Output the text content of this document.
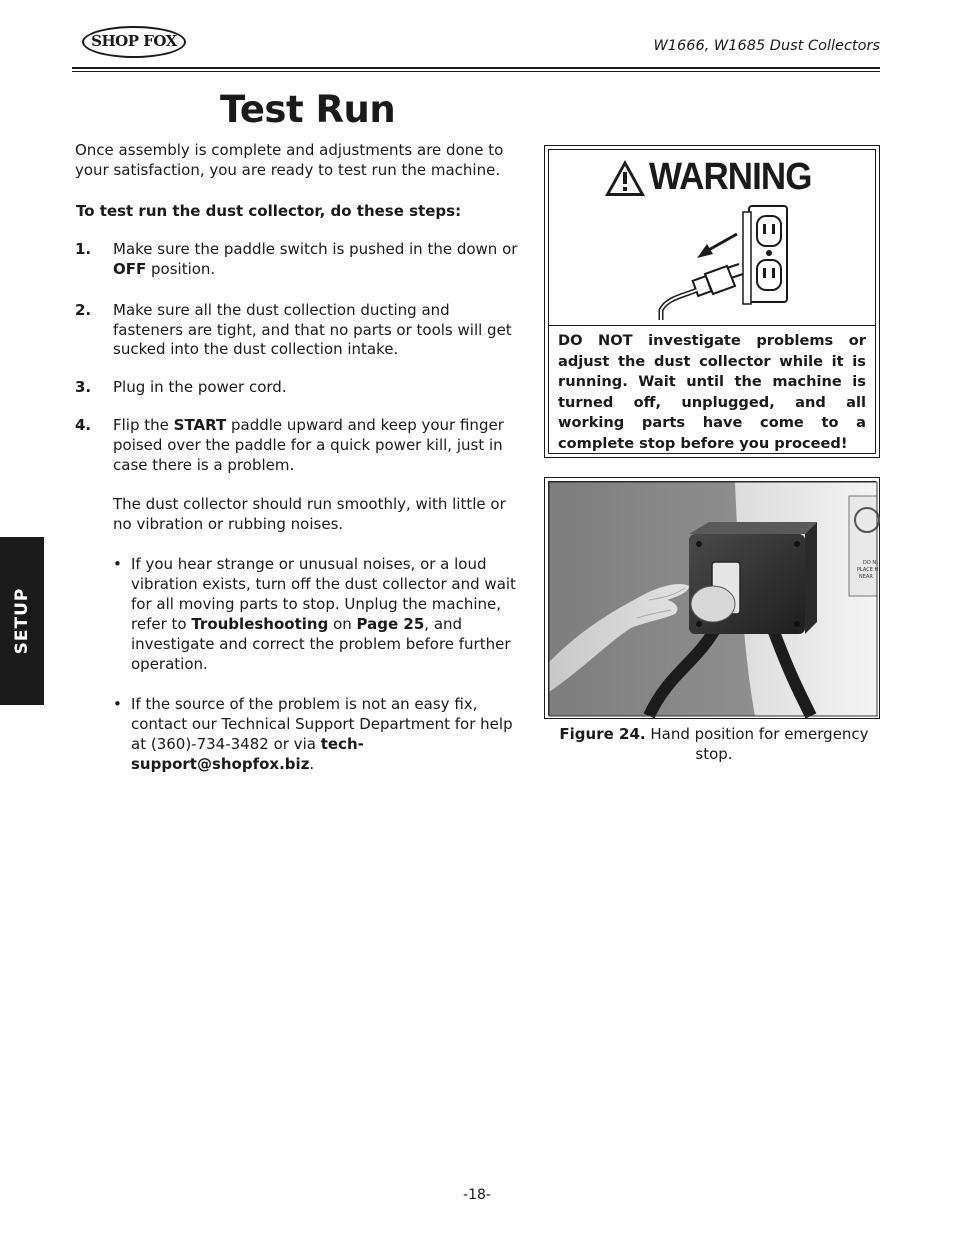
SHOP FOX	W1666, W1685 Dust Collectors
Test Run

Once assembly is complete and adjustments are done to your satisfaction, you are ready to test run the machine.

To test run the dust collector, do these steps:

1. Make sure the paddle switch is pushed in the down or OFF position.
2. Make sure all the dust collection ducting and fasteners are tight, and that no parts or tools will get sucked into the dust collection intake.
3. Plug in the power cord.
4. Flip the START paddle upward and keep your finger poised over the paddle for a quick power kill, just in case there is a problem.
The dust collector should run smoothly, with little or no vibration or rubbing noises.
• If you hear strange or unusual noises, or a loud vibration exists, turn off the dust collector and wait for all moving parts to stop. Unplug the machine, refer to Troubleshooting on Page 25, and investigate and correct the problem before further operation.
• If the source of the problem is not an easy fix, contact our Technical Support Department for help at (360)-734-3482 or via tech-support@shopfox.biz.
SETUP
WARNING
DO NOT investigate problems or adjust the dust collector while it is running. Wait until the machine is turned off, unplugged, and all working parts have come to a complete stop before you proceed!
DO N
PLACE H
NEAR
Figure 24. Hand position for emergency stop.
-18-
